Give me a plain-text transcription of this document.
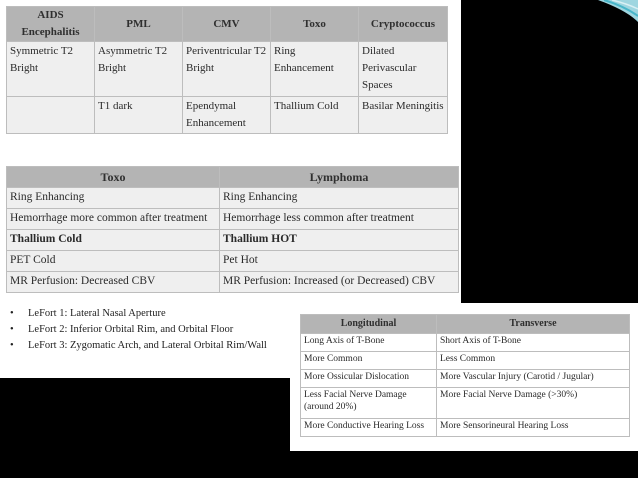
AIDS Encephalitis	PML	CMV	Toxo	Cryptococcus
Symmetric T2 Bright	Asymmetric T2 Bright	Periventricular T2 Bright	Ring Enhancement	Dilated Perivascular Spaces
	T1 dark	Ependymal Enhancement	Thallium Cold	Basilar Meningitis
Toxo	Lymphoma
Ring Enhancing	Ring Enhancing
Hemorrhage more common after treatment	Hemorrhage less common after treatment
Thallium Cold	Thallium HOT
PET Cold	Pet Hot
MR Perfusion: Decreased CBV	MR Perfusion: Increased (or Decreased) CBV
• LeFort 1: Lateral Nasal Aperture
• LeFort 2: Inferior Orbital Rim, and Orbital Floor
• LeFort 3: Zygomatic Arch, and Lateral Orbital Rim/Wall
Longitudinal	Transverse
Long Axis of T-Bone	Short Axis of T-Bone
More Common	Less Common
More Ossicular Dislocation	More Vascular Injury (Carotid / Jugular)
Less Facial Nerve Damage (around 20%)	More Facial Nerve Damage (>30%)
More Conductive Hearing Loss	More Sensorineural Hearing Loss
